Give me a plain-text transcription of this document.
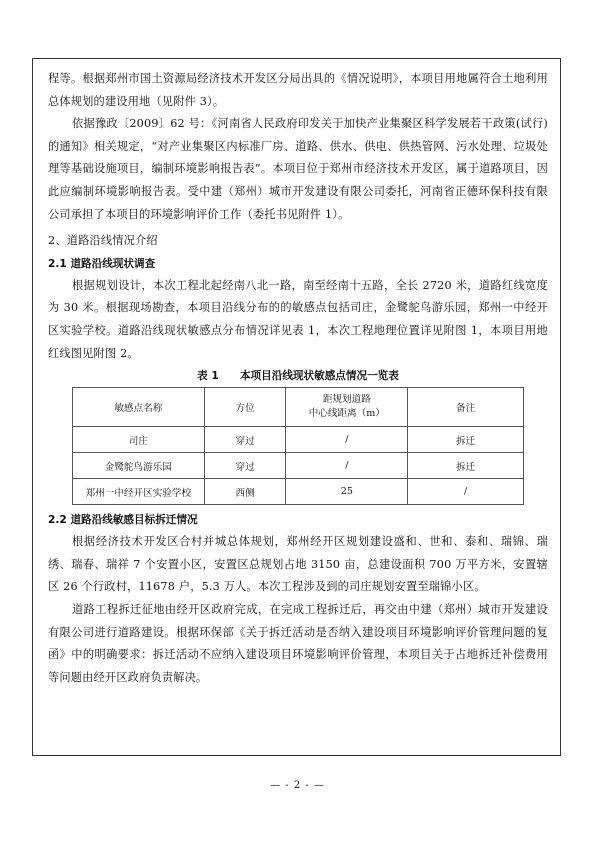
程等。根据郑州市国土资源局经济技术开发区分局出具的《情况说明》，本项目用地属符合土地利用总体规划的建设用地（见附件 3）。

依据豫政〔2009〕62 号：《河南省人民政府印发关于加快产业集聚区科学发展若干政策(试行)的通知》相关规定，“对产业集聚区内标准厂房、道路、供水、供电、供热管网、污水处理、垃圾处理等基础设施项目，编制环境影响报告表”。本项目位于郑州市经济技术开发区，属于道路项目，因此应编制环境影响报告表。受中建（郑州）城市开发建设有限公司委托，河南省正德环保科技有限公司承担了本项目的环境影响评价工作（委托书见附件 1）。

2、道路沿线情况介绍

2.1 道路沿线现状调查

根据规划设计，本次工程北起经南八北一路，南至经南十五路，全长 2720 米，道路红线宽度为 30 米。根据现场勘查，本项目沿线分布的的敏感点包括司庄，金鹭鸵鸟游乐园，郑州一中经开区实验学校。道路沿线现状敏感点分布情况详见表 1，本次工程地理位置详见附图 1，本项目用地红线图见附图 2。

表 1　　本项目沿线现状敏感点情况一览表
敏感点名称	方位	距规划道路
中心线距离（m）	备注
司庄	穿过	/	拆迁
金鹭鸵鸟游乐园	穿过	/	拆迁
郑州一中经开区实验学校	西侧	25	/
2.2 道路沿线敏感目标拆迁情况

根据经济技术开发区合村并城总体规划，郑州经开区规划建设盛和、世和、泰和、瑞锦、瑞绣、瑞春、瑞祥 7 个安置小区，安置区总规划占地 3150 亩，总建设面积 700 万平方米，安置辖区 26 个行政村，11678 户，5.3 万人。本次工程涉及到的司庄规划安置至瑞锦小区。

道路工程拆迁征地由经开区政府完成，在完成工程拆迁后，再交由中建（郑州）城市开发建设有限公司进行道路建设。根据环保部《关于拆迁活动是否纳入建设项目环境影响评价管理问题的复函》中的明确要求：拆迁活动不应纳入建设项目环境影响评价管理，本项目关于占地拆迁补偿费用等问题由经开区政府负责解决。

— - 2 - —
